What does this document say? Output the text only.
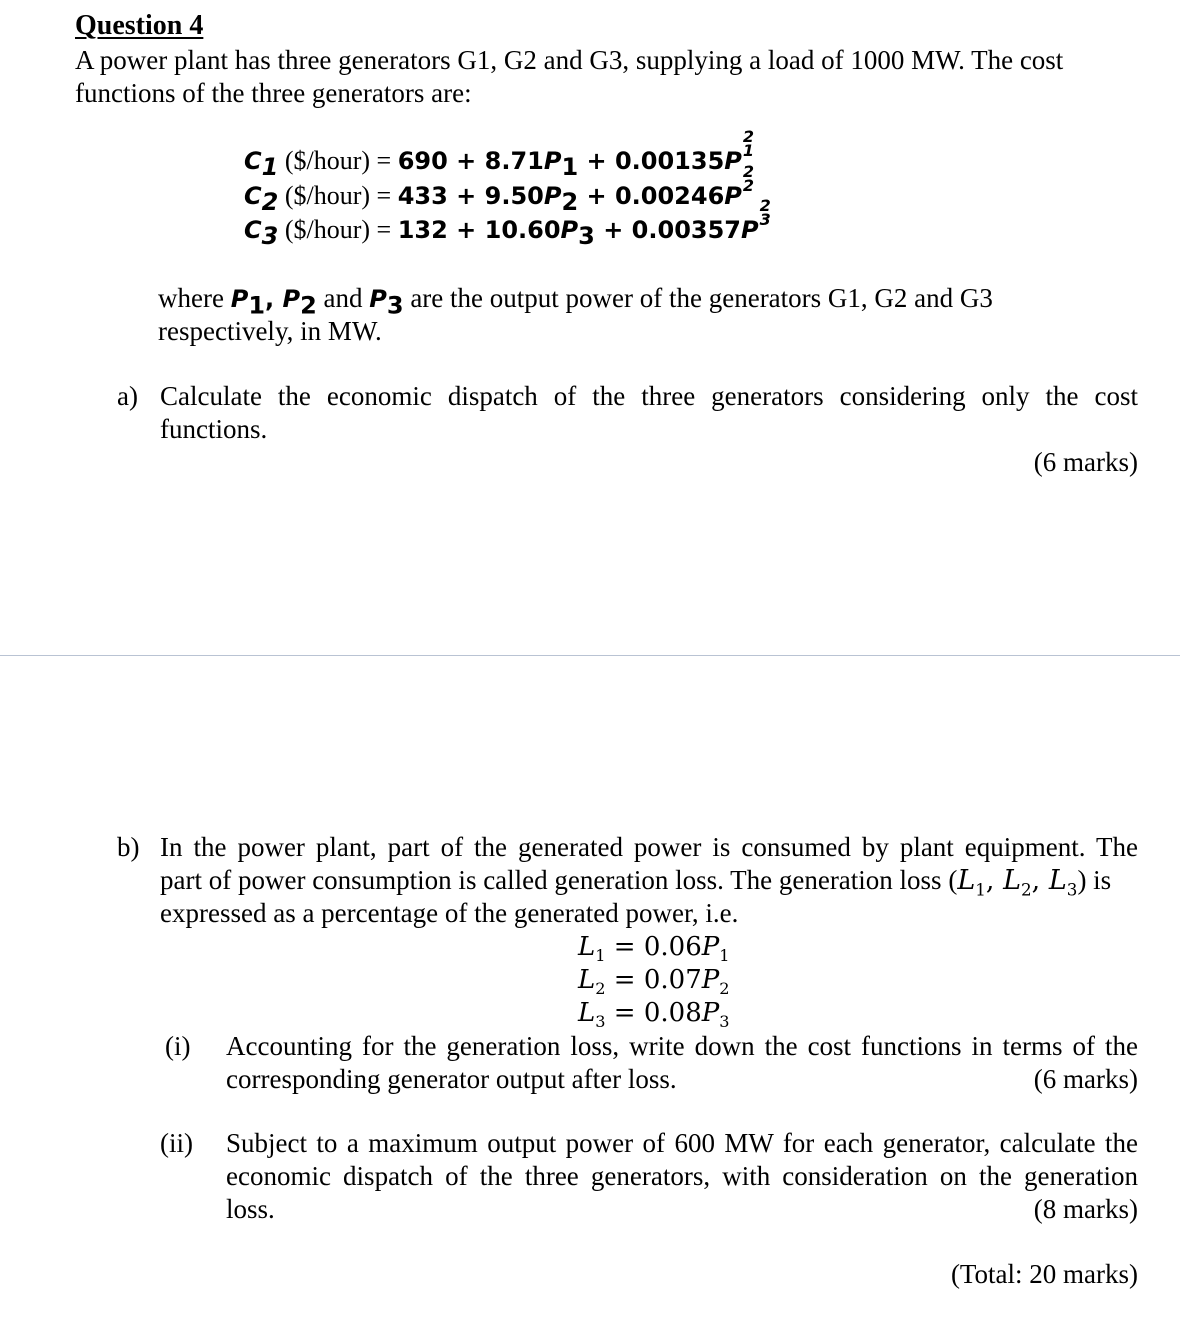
Question 4
A power plant has three generators G1, G2 and G3, supplying a load of 1000 MW. The cost
functions of the three generators are:
$C_1$ ($/hour) = $690 + 8.71P_1 + 0.00135P$
2
1
$C_2$ ($/hour) = $433 + 9.50P_2 + 0.00246P$
2
2
$C_3$ ($/hour) = $132 + 10.60P_3 + 0.00357P$
2
3
where $P_1$, $P_2$ and $P_3$ are the output power of the generators G1, G2 and G3
respectively, in MW.
a) Calculate the economic dispatch of the three generators considering only the cost
functions.
(6 marks)
b) In the power plant, part of the generated power is consumed by plant equipment. The
part of power consumption is called generation loss. The generation loss ($L_1$, $L_2$, $L_3$) is
expressed as a percentage of the generated power, i.e.
$L_1 = 0.06P_1$
$L_2 = 0.07P_2$
$L_3 = 0.08P_3$
(i) Accounting for the generation loss, write down the cost functions in terms of the
corresponding generator output after loss.	(6 marks)
(ii) Subject to a maximum output power of 600 MW for each generator, calculate the
economic dispatch of the three generators, with consideration on the generation
loss.	(8 marks)
(Total: 20 marks)
